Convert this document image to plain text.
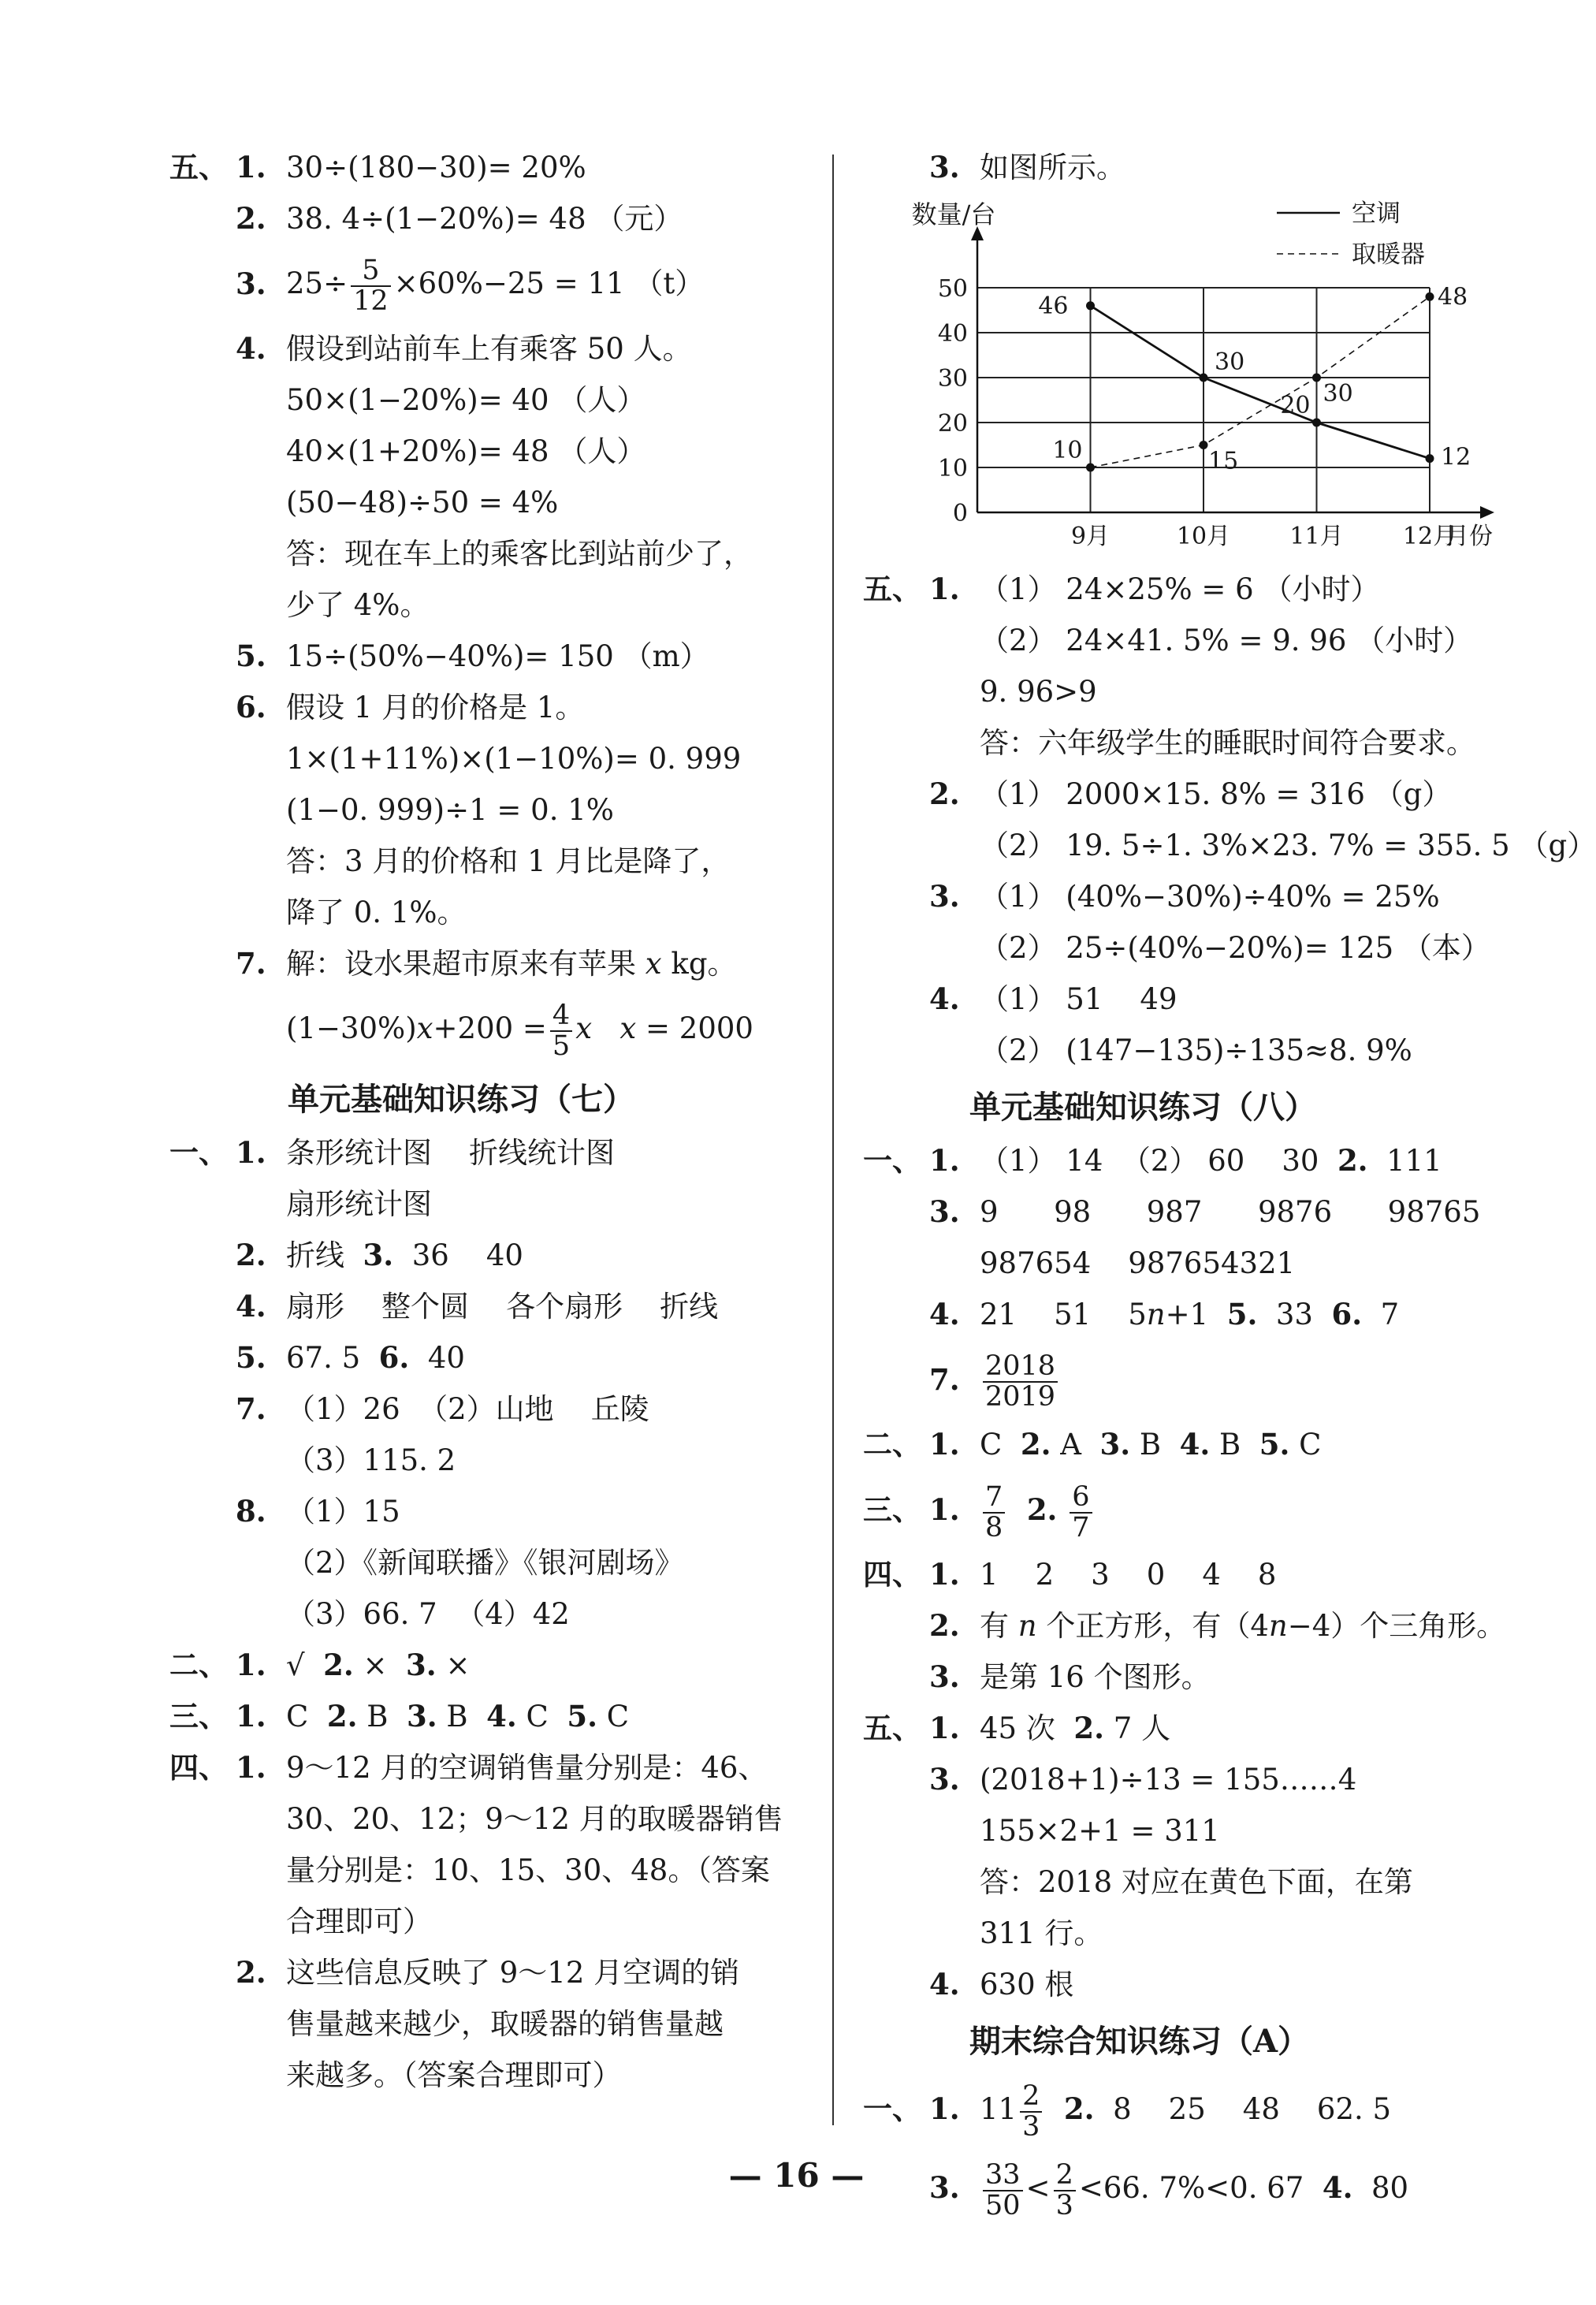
五、 1. 30÷(180−30)= 20%
2. 38. 4÷(1−20%)= 48 （元）
3. $25\div \frac{5}{12} \times 60\%-25 = 11$ （t）
4. 假设到站前车上有乘客 50 人。
50×(1−20%)= 40 （人）
40×(1+20%)= 48 （人）
(50−48)÷50 = 4%
答：现在车上的乘客比到站前少了，
少了 4%。
5. 15÷(50%−40%)= 150 （m）
6. 假设 1 月的价格是 1。
1×(1+11%)×(1−10%)= 0. 999
(1−0. 999)÷1 = 0. 1%
答：3 月的价格和 1 月比是降了，
降了 0. 1%。
7. 解：设水果超市原来有苹果 x kg。
$(1-30\%)x+200 = \frac{4}{5}$ x x = 2000
单元基础知识练习（七）
一、 1. 条形统计图    折线统计图
扇形统计图
2. 折线  3.  36    40
4. 扇形    整个圆    各个扇形    折线
5. 67. 5  6.  40
7. （1）26  （2）山地    丘陵
（3）115. 2
8. （1）15
（2）《新闻联播》《银河剧场》
（3）66. 7  （4）42
二、 1. √  2. ×  3. ×
三、 1. C  2. B  3. B  4. C  5. C
四、 1. 9～12 月的空调销售量分别是：46、
30、20、12；9～12 月的取暖器销售
量分别是：10、15、30、48。（答案
合理即可）
2. 这些信息反映了 9～12 月空调的销
售量越来越少，取暖器的销售量越
来越多。（答案合理即可）
3. 如图所示。
五、 1. （1） 24×25% = 6 （小时）
（2） 24×41. 5% = 9. 96 （小时）
9. 96>9
答：六年级学生的睡眠时间符合要求。
2. （1） 2000×15. 8% = 316 （g）
（2） 19. 5÷1. 3%×23. 7% = 355. 5 （g）
3. （1） (40%−30%)÷40% = 25%
（2） 25÷(40%−20%)= 125 （本）
4. （1） 51    49
（2） (147−135)÷135≈8. 9%
单元基础知识练习（八）
一、 1. （1） 14  （2） 60    30  2.  111
3. 9      98      987      9876      98765
987654    987654321
4. 21    51    5n+1  5.  33  6.  7
7. $\frac{2018}{2019}$
二、 1. C  2. A  3. B  4. B  5. C
三、 1. $\frac{7}{8} 2$. $\frac{6}{7}$
四、 1. 1    2    3    0    4    8
2. 有 n 个正方形，有（4n−4）个三角形。
3. 是第 16 个图形。
五、 1. 45 次  2. 7 人
3. (2018+1)÷13 = 155……4
155×2+1 = 311
答：2018 对应在黄色下面，在第
311 行。
4. 630 根
期末综合知识练习（A）
一、 1. $11 \frac{2}{3} 2$.  8    25    48    62. 5
3. $\frac{33}{50} < \frac{2}{3} <66$. 7%<0. 67  4.  80
0
10
20
30
40
50
9月	10月	11月	12月
数量/台
月份
空调
取暖器
46
30
20
12
10	15
30
48
— 16 —
